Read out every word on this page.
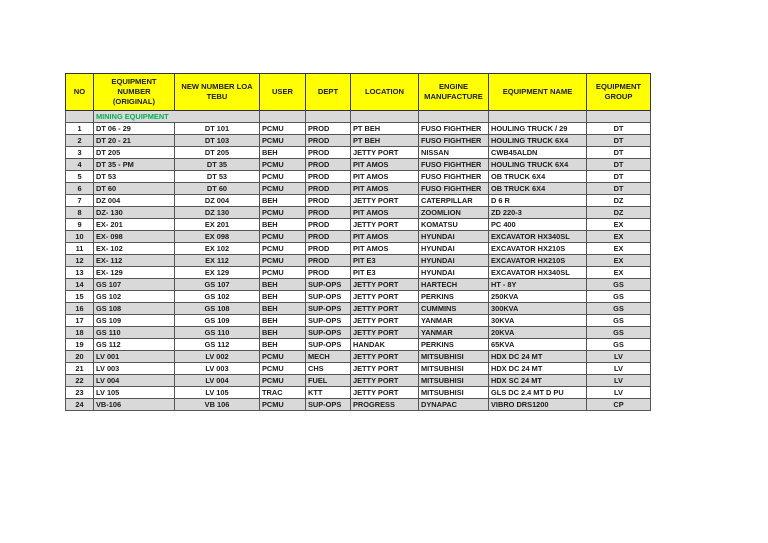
NO	EQUIPMENT NUMBER (ORIGINAL)	NEW NUMBER LOA TEBU	USER	DEPT	LOCATION	ENGINE MANUFACTURE	EQUIPMENT NAME	EQUIPMENT GROUP
	MINING EQUIPMENT							
1	DT 06 - 29	DT 101	PCMU	PROD	PT BEH	FUSO FIGHTHER	HOULING TRUCK / 29	DT
2	DT 20 - 21	DT 103	PCMU	PROD	PT BEH	FUSO FIGHTHER	HOULING TRUCK 6X4	DT
3	DT 205	DT 205	BEH	PROD	JETTY PORT	NISSAN	CWB45ALDN	DT
4	DT 35 - PM	DT 35	PCMU	PROD	PIT AMOS	FUSO FIGHTHER	HOULING TRUCK 6X4	DT
5	DT 53	DT 53	PCMU	PROD	PIT AMOS	FUSO FIGHTHER	OB TRUCK 6X4	DT
6	DT 60	DT 60	PCMU	PROD	PIT AMOS	FUSO FIGHTHER	OB TRUCK 6X4	DT
7	DZ 004	DZ 004	BEH	PROD	JETTY PORT	CATERPILLAR	D 6 R	DZ
8	DZ- 130	DZ 130	PCMU	PROD	PIT AMOS	ZOOMLION	ZD 220-3	DZ
9	EX- 201	EX 201	BEH	PROD	JETTY PORT	KOMATSU	PC 400	EX
10	EX- 098	EX 098	PCMU	PROD	PIT AMOS	HYUNDAI	EXCAVATOR HX340SL	EX
11	EX- 102	EX 102	PCMU	PROD	PIT AMOS	HYUNDAI	EXCAVATOR HX210S	EX
12	EX- 112	EX 112	PCMU	PROD	PIT E3	HYUNDAI	EXCAVATOR HX210S	EX
13	EX- 129	EX 129	PCMU	PROD	PIT E3	HYUNDAI	EXCAVATOR HX340SL	EX
14	GS 107	GS 107	BEH	SUP-OPS	JETTY PORT	HARTECH	HT - 8Y	GS
15	GS 102	GS 102	BEH	SUP-OPS	JETTY PORT	PERKINS	250KVA	GS
16	GS 108	GS 108	BEH	SUP-OPS	JETTY PORT	CUMMINS	300KVA	GS
17	GS 109	GS 109	BEH	SUP-OPS	JETTY PORT	YANMAR	30KVA	GS
18	GS 110	GS 110	BEH	SUP-OPS	JETTY PORT	YANMAR	20KVA	GS
19	GS 112	GS 112	BEH	SUP-OPS	HANDAK	PERKINS	65KVA	GS
20	LV 001	LV 002	PCMU	MECH	JETTY PORT	MITSUBHISI	HDX DC 24 MT	LV
21	LV 003	LV 003	PCMU	CHS	JETTY PORT	MITSUBHISI	HDX DC 24 MT	LV
22	LV 004	LV 004	PCMU	FUEL	JETTY PORT	MITSUBHISI	HDX SC 24 MT	LV
23	LV 105	LV 105	TRAC	KTT	JETTY PORT	MITSUBHISI	GLS DC 2.4 MT D PU	LV
24	VB-106	VB 106	PCMU	SUP-OPS	PROGRESS	DYNAPAC	VIBRO DRS1200	CP
